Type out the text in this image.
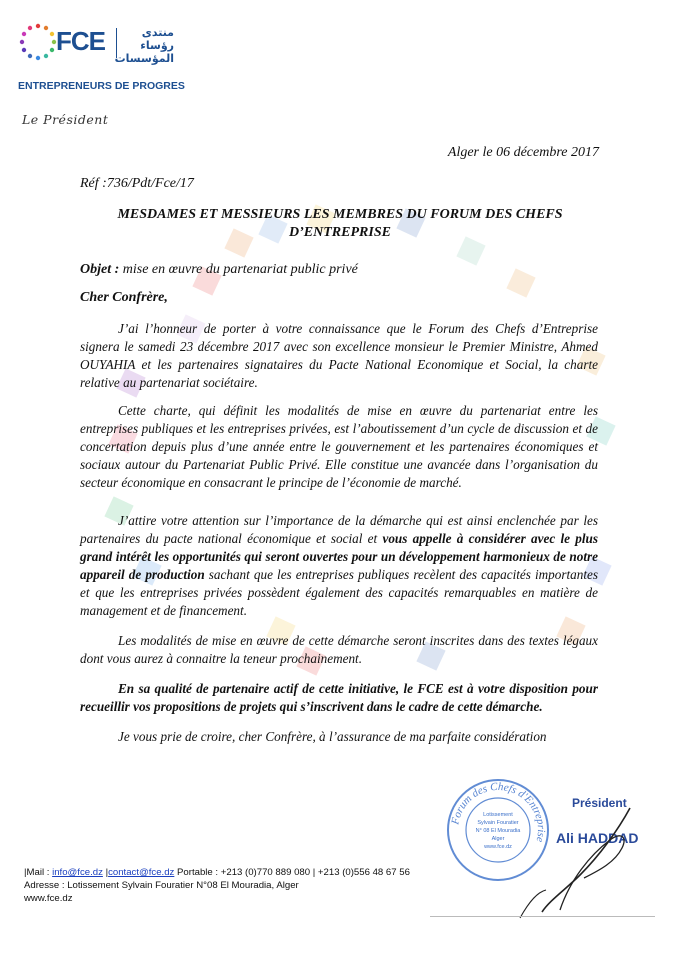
FCE	منتدى رؤساء
المؤسسات
ENTREPRENEURS DE PROGRES
Le Président
Alger le 06 décembre 2017
Réf :736/Pdt/Fce/17
MESDAMES ET MESSIEURS LES MEMBRES DU FORUM DES CHEFS D’ENTREPRISE
Objet : mise en œuvre du partenariat public privé
Cher Confrère,

J’ai l’honneur de porter à votre connaissance que le Forum des Chefs d’Entreprise signera le samedi 23 décembre 2017 avec son excellence monsieur le Premier Ministre, Ahmed OUYAHIA et les partenaires signataires du Pacte National Economique et Social, la charte relative au partenariat sociétaire.

Cette charte, qui définit les modalités de mise en œuvre du partenariat entre les entreprises publiques et les entreprises privées, est l’aboutissement d’un cycle de discussion et de concertation depuis plus d’une année entre le gouvernement et les partenaires économiques et sociaux autour du Partenariat Public Privé. Elle constitue une avancée dans l’organisation du secteur économique en consacrant le principe de l’économie de marché.

J’attire votre attention sur l’importance de la démarche qui est ainsi enclenchée par les partenaires du pacte national économique et social et vous appelle à considérer avec le plus grand intérêt les opportunités qui seront ouvertes pour un développement harmonieux de notre appareil de production sachant que les entreprises publiques recèlent des capacités importantes et que les entreprises privées possèdent également des capacités remarquables en matière de management et de financement.

Les modalités de mise en œuvre de cette démarche seront inscrites dans des textes légaux dont vous aurez à connaitre la teneur prochainement.

En sa qualité de partenaire actif de cette initiative, le FCE est à votre disposition pour recueillir vos propositions de projets qui s’inscrivent dans le cadre de cette démarche.

Je vous prie de croire, cher Confrère, à l’assurance de ma parfaite considération

Forum des Chefs d'Entreprise
Lotissement
Sylvain Fouratier
N° 08 El Mouradia
Alger
www.fce.dz
Président
Ali HADDAD
|Mail : info@fce.dz |contact@fce.dz Portable : +213 (0)770 889 080 | +213 (0)556 48 67 56
Adresse : Lotissement Sylvain Fouratier N°08 El Mouradia, Alger
www.fce.dz
